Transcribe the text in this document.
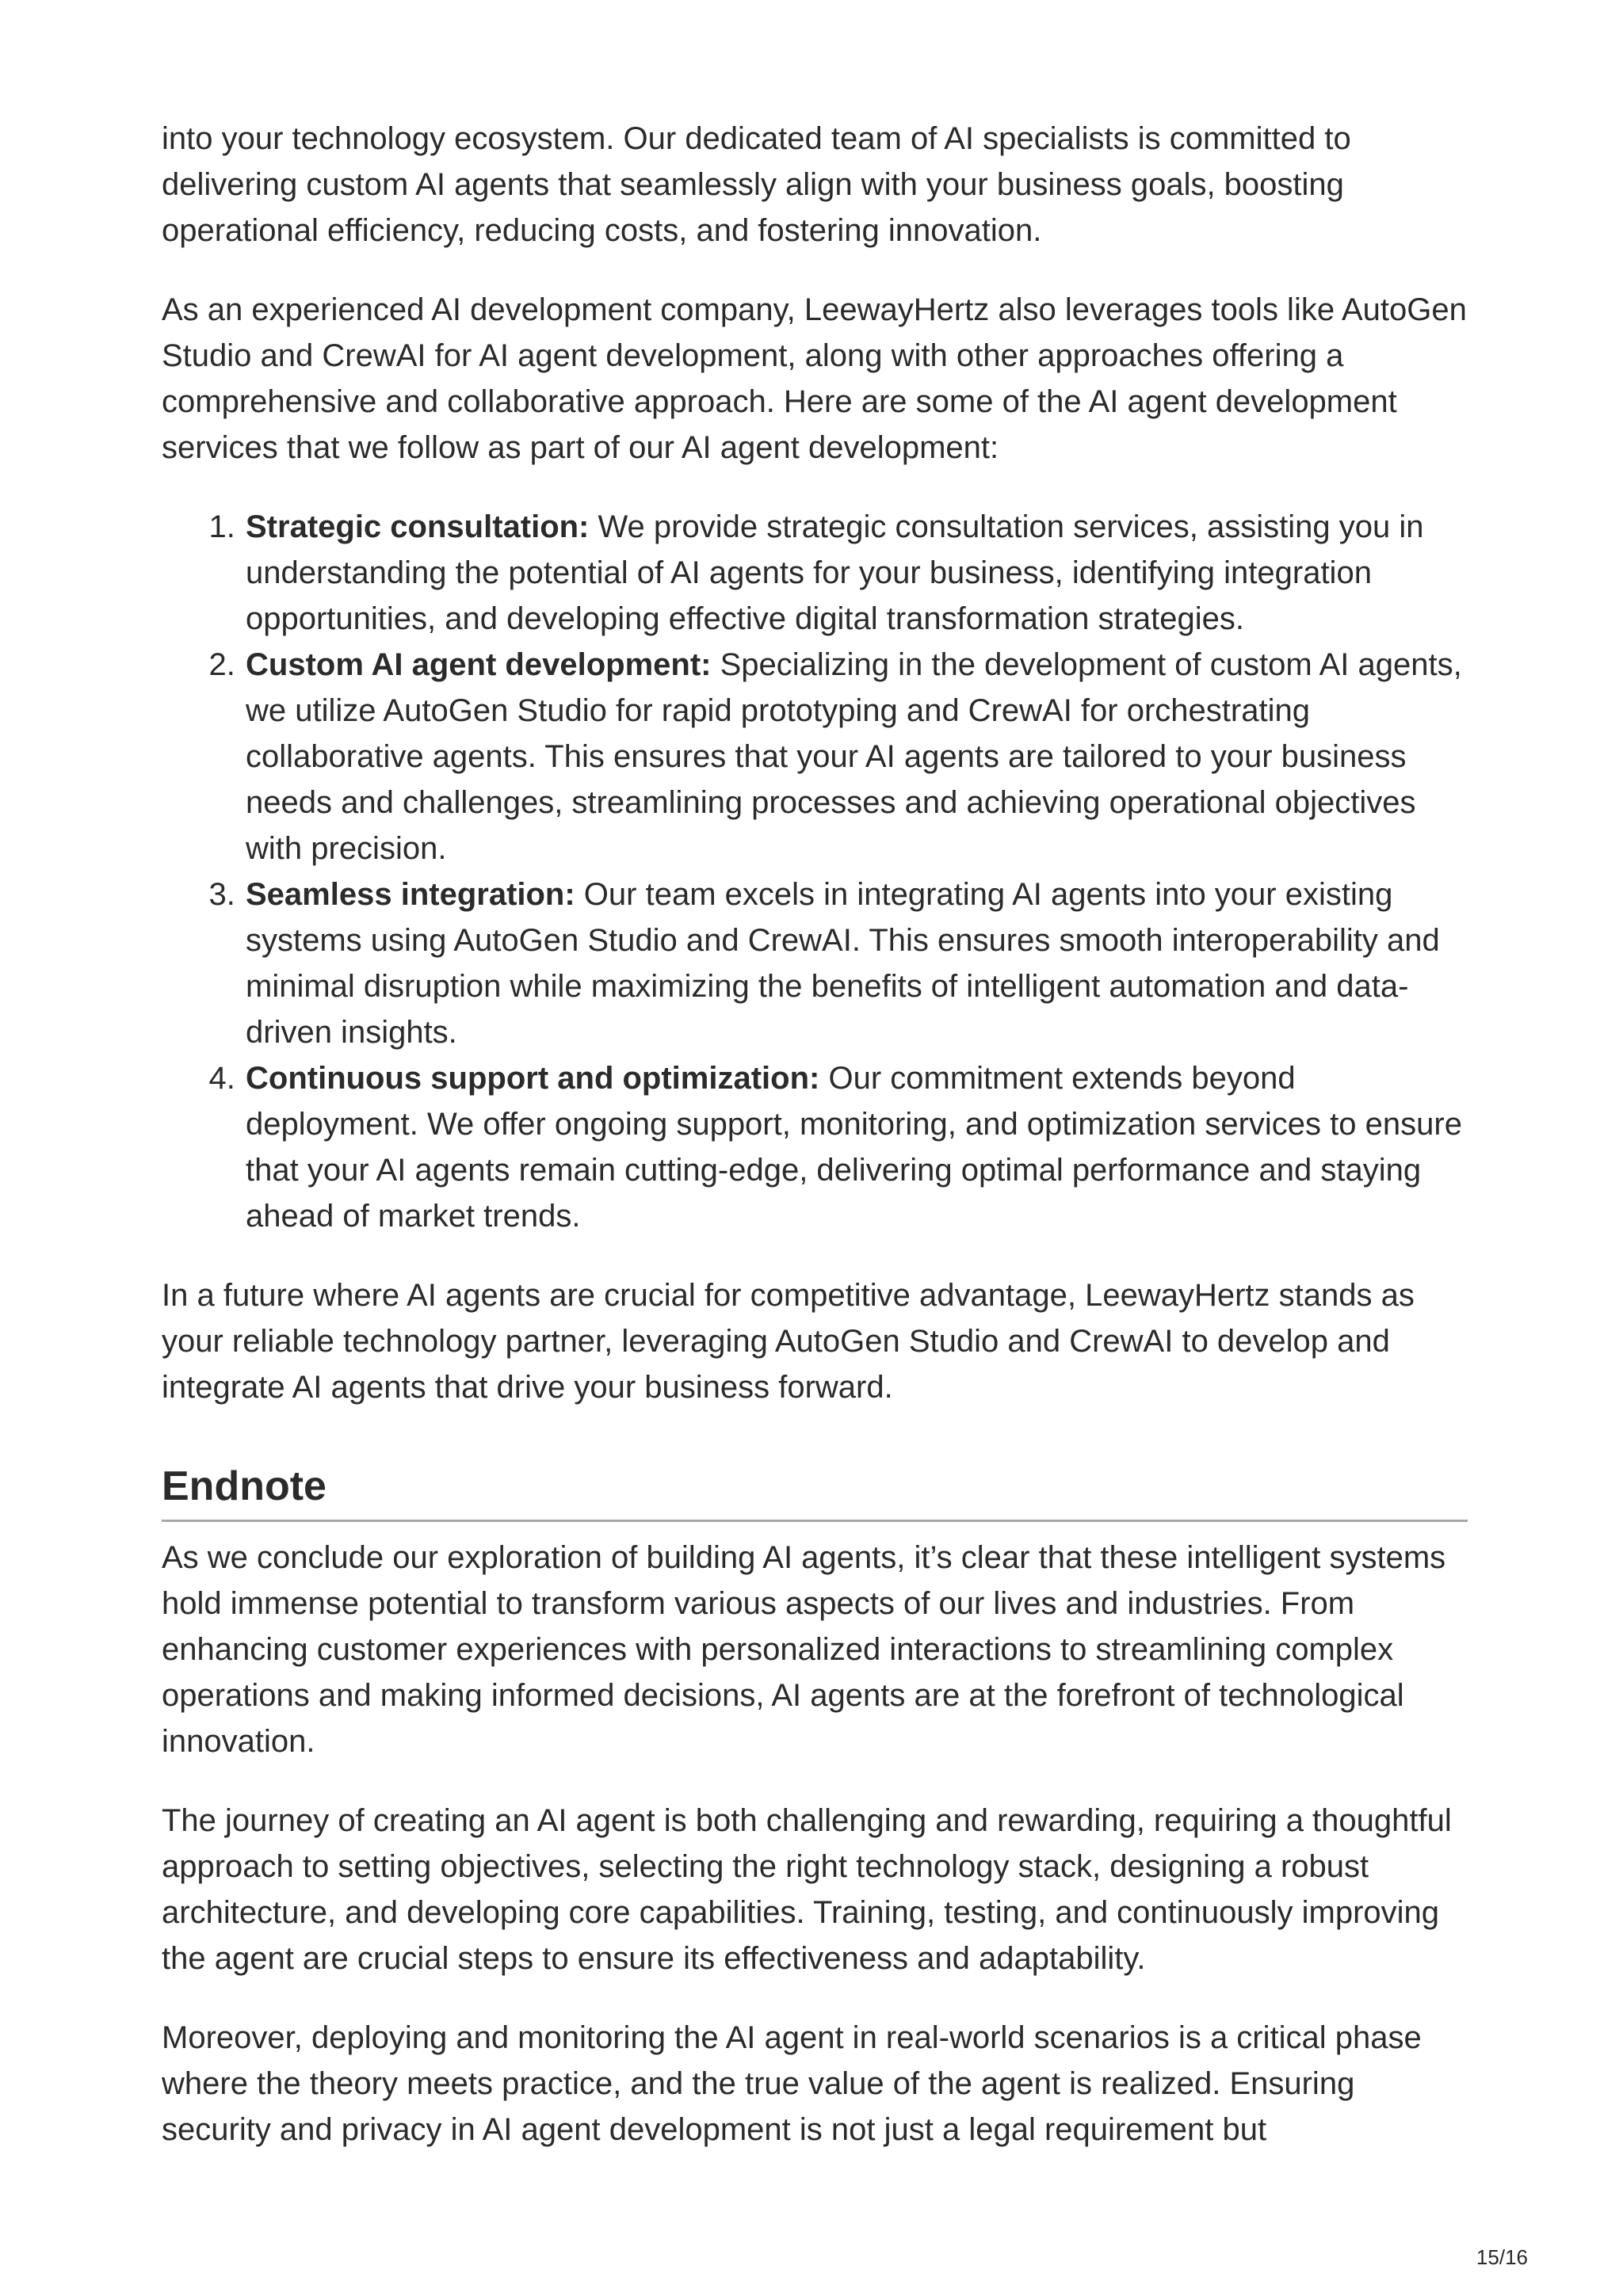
into your technology ecosystem. Our dedicated team of AI specialists is committed to delivering custom AI agents that seamlessly align with your business goals, boosting operational efficiency, reducing costs, and fostering innovation.

As an experienced AI development company, LeewayHertz also leverages tools like AutoGen Studio and CrewAI for AI agent development, along with other approaches offering a comprehensive and collaborative approach. Here are some of the AI agent development services that we follow as part of our AI agent development:

1. Strategic consultation: We provide strategic consultation services, assisting you in understanding the potential of AI agents for your business, identifying integration opportunities, and developing effective digital transformation strategies.
2. Custom AI agent development: Specializing in the development of custom AI agents, we utilize AutoGen Studio for rapid prototyping and CrewAI for orchestrating collaborative agents. This ensures that your AI agents are tailored to your business needs and challenges, streamlining processes and achieving operational objectives with precision.
3. Seamless integration: Our team excels in integrating AI agents into your existing systems using AutoGen Studio and CrewAI. This ensures smooth interoperability and minimal disruption while maximizing the benefits of intelligent automation and data-driven insights.
4. Continuous support and optimization: Our commitment extends beyond deployment. We offer ongoing support, monitoring, and optimization services to ensure that your AI agents remain cutting-edge, delivering optimal performance and staying ahead of market trends.

In a future where AI agents are crucial for competitive advantage, LeewayHertz stands as your reliable technology partner, leveraging AutoGen Studio and CrewAI to develop and integrate AI agents that drive your business forward.

Endnote

As we conclude our exploration of building AI agents, it’s clear that these intelligent systems hold immense potential to transform various aspects of our lives and industries. From enhancing customer experiences with personalized interactions to streamlining complex operations and making informed decisions, AI agents are at the forefront of technological innovation.

The journey of creating an AI agent is both challenging and rewarding, requiring a thoughtful approach to setting objectives, selecting the right technology stack, designing a robust architecture, and developing core capabilities. Training, testing, and continuously improving the agent are crucial steps to ensure its effectiveness and adaptability.

Moreover, deploying and monitoring the AI agent in real-world scenarios is a critical phase where the theory meets practice, and the true value of the agent is realized. Ensuring security and privacy in AI agent development is not just a legal requirement but

15/16
